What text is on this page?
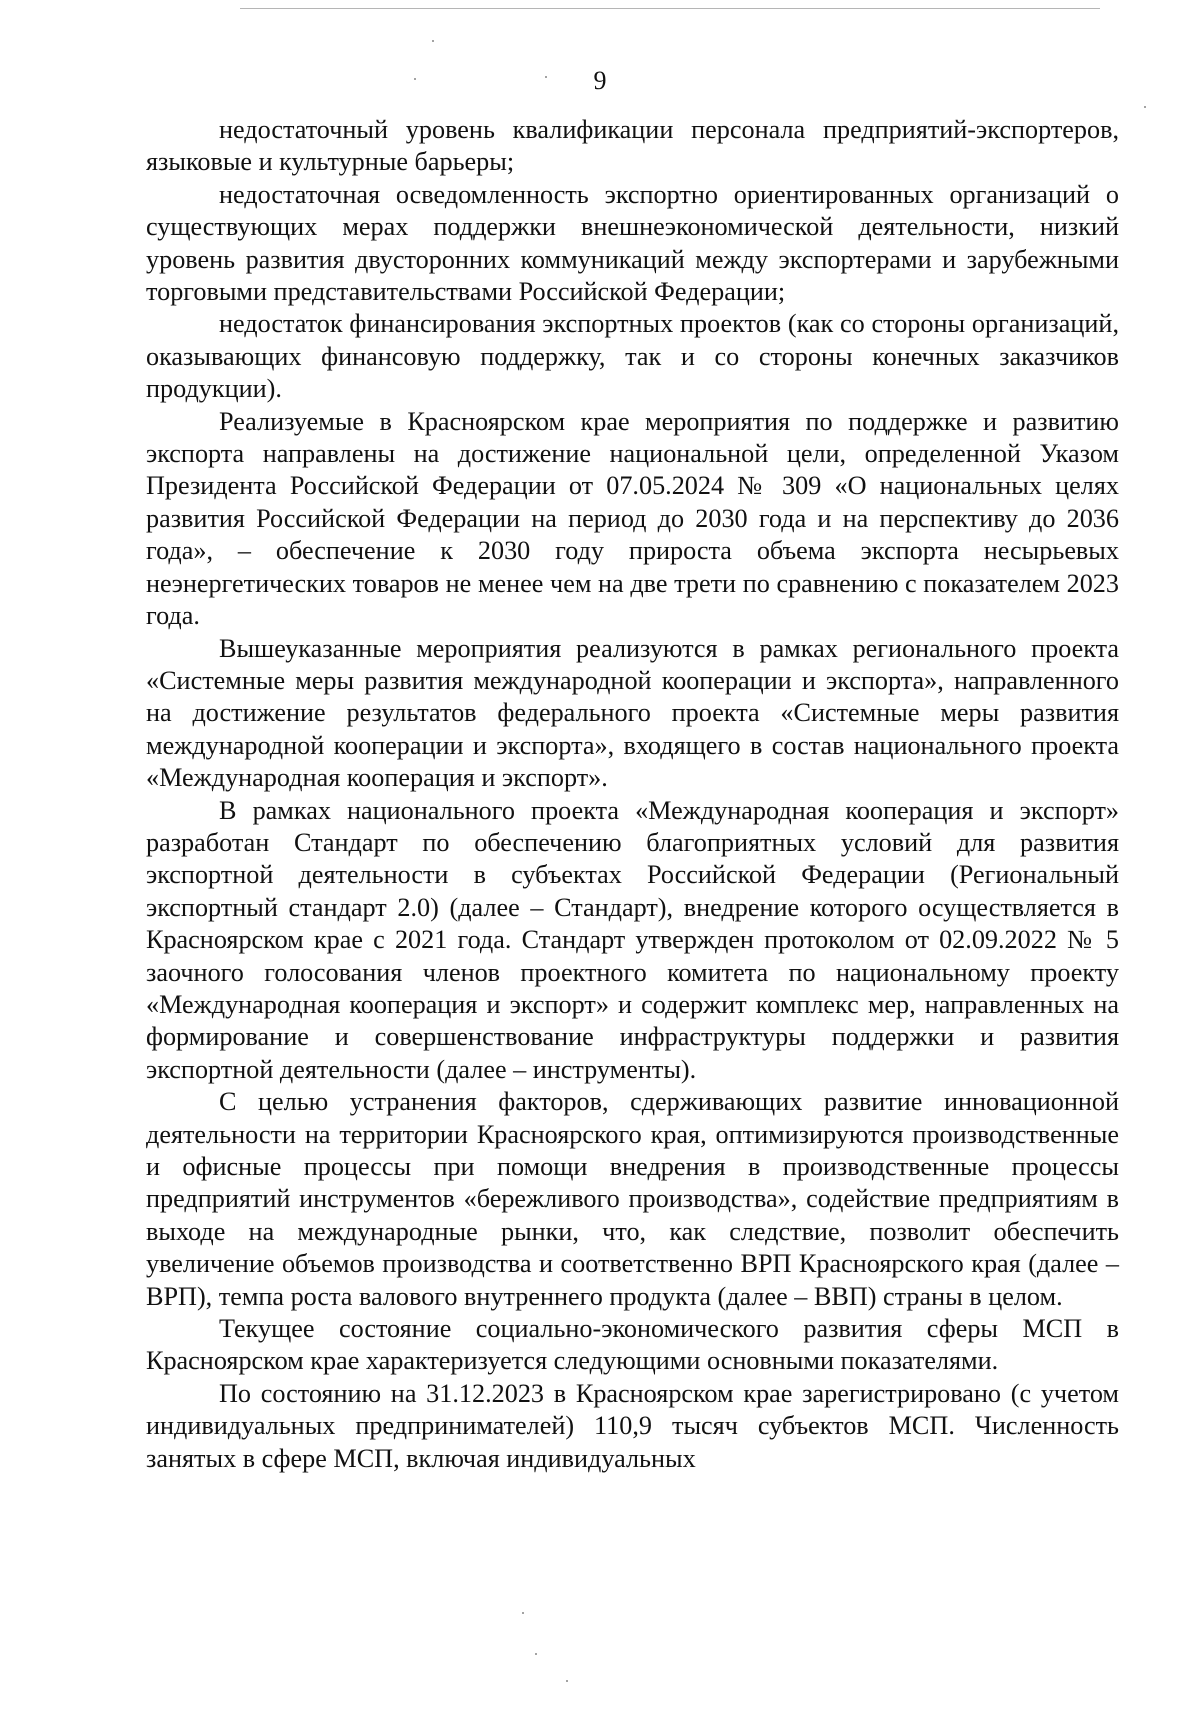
9

недостаточный уровень квалификации персонала предприятий-экспортеров, языковые и культурные барьеры;

недостаточная осведомленность экспортно ориентированных организаций о существующих мерах поддержки внешнеэкономической деятельности, низкий уровень развития двусторонних коммуникаций между экспортерами и зарубежными торговыми представительствами Российской Федерации;

недостаток финансирования экспортных проектов (как со стороны организаций, оказывающих финансовую поддержку, так и со стороны конечных заказчиков продукции).

Реализуемые в Красноярском крае мероприятия по поддержке и развитию экспорта направлены на достижение национальной цели, определенной Указом Президента Российской Федерации от 07.05.2024 № 309 «О национальных целях развития Российской Федерации на период до 2030 года и на перспективу до 2036 года», – обеспечение к 2030 году прироста объема экспорта несырьевых неэнергетических товаров не менее чем на две трети по сравнению с показателем 2023 года.

Вышеуказанные мероприятия реализуются в рамках регионального проекта «Системные меры развития международной кооперации и экспорта», направленного на достижение результатов федерального проекта «Системные меры развития международной кооперации и экспорта», входящего в состав национального проекта «Международная кооперация и экспорт».

В рамках национального проекта «Международная кооперация и экспорт» разработан Стандарт по обеспечению благоприятных условий для развития экспортной деятельности в субъектах Российской Федерации (Региональный экспортный стандарт 2.0) (далее – Стандарт), внедрение которого осуществляется в Красноярском крае с 2021 года. Стандарт утвержден протоколом от 02.09.2022 № 5 заочного голосования членов проектного комитета по национальному проекту «Международная кооперация и экспорт» и содержит комплекс мер, направленных на формирование и совершенствование инфраструктуры поддержки и развития экспортной деятельности (далее – инструменты).

С целью устранения факторов, сдерживающих развитие инновационной деятельности на территории Красноярского края, оптимизируются производственные и офисные процессы при помощи внедрения в производственные процессы предприятий инструментов «бережливого производства», содействие предприятиям в выходе на международные рынки, что, как следствие, позволит обеспечить увеличение объемов производства и соответственно ВРП Красноярского края (далее – ВРП), темпа роста валового внутреннего продукта (далее – ВВП) страны в целом.

Текущее состояние социально-экономического развития сферы МСП в Красноярском крае характеризуется следующими основными показателями.

По состоянию на 31.12.2023 в Красноярском крае зарегистрировано (с учетом индивидуальных предпринимателей) 110,9 тысяч субъектов МСП. Численность занятых в сфере МСП, включая индивидуальных
